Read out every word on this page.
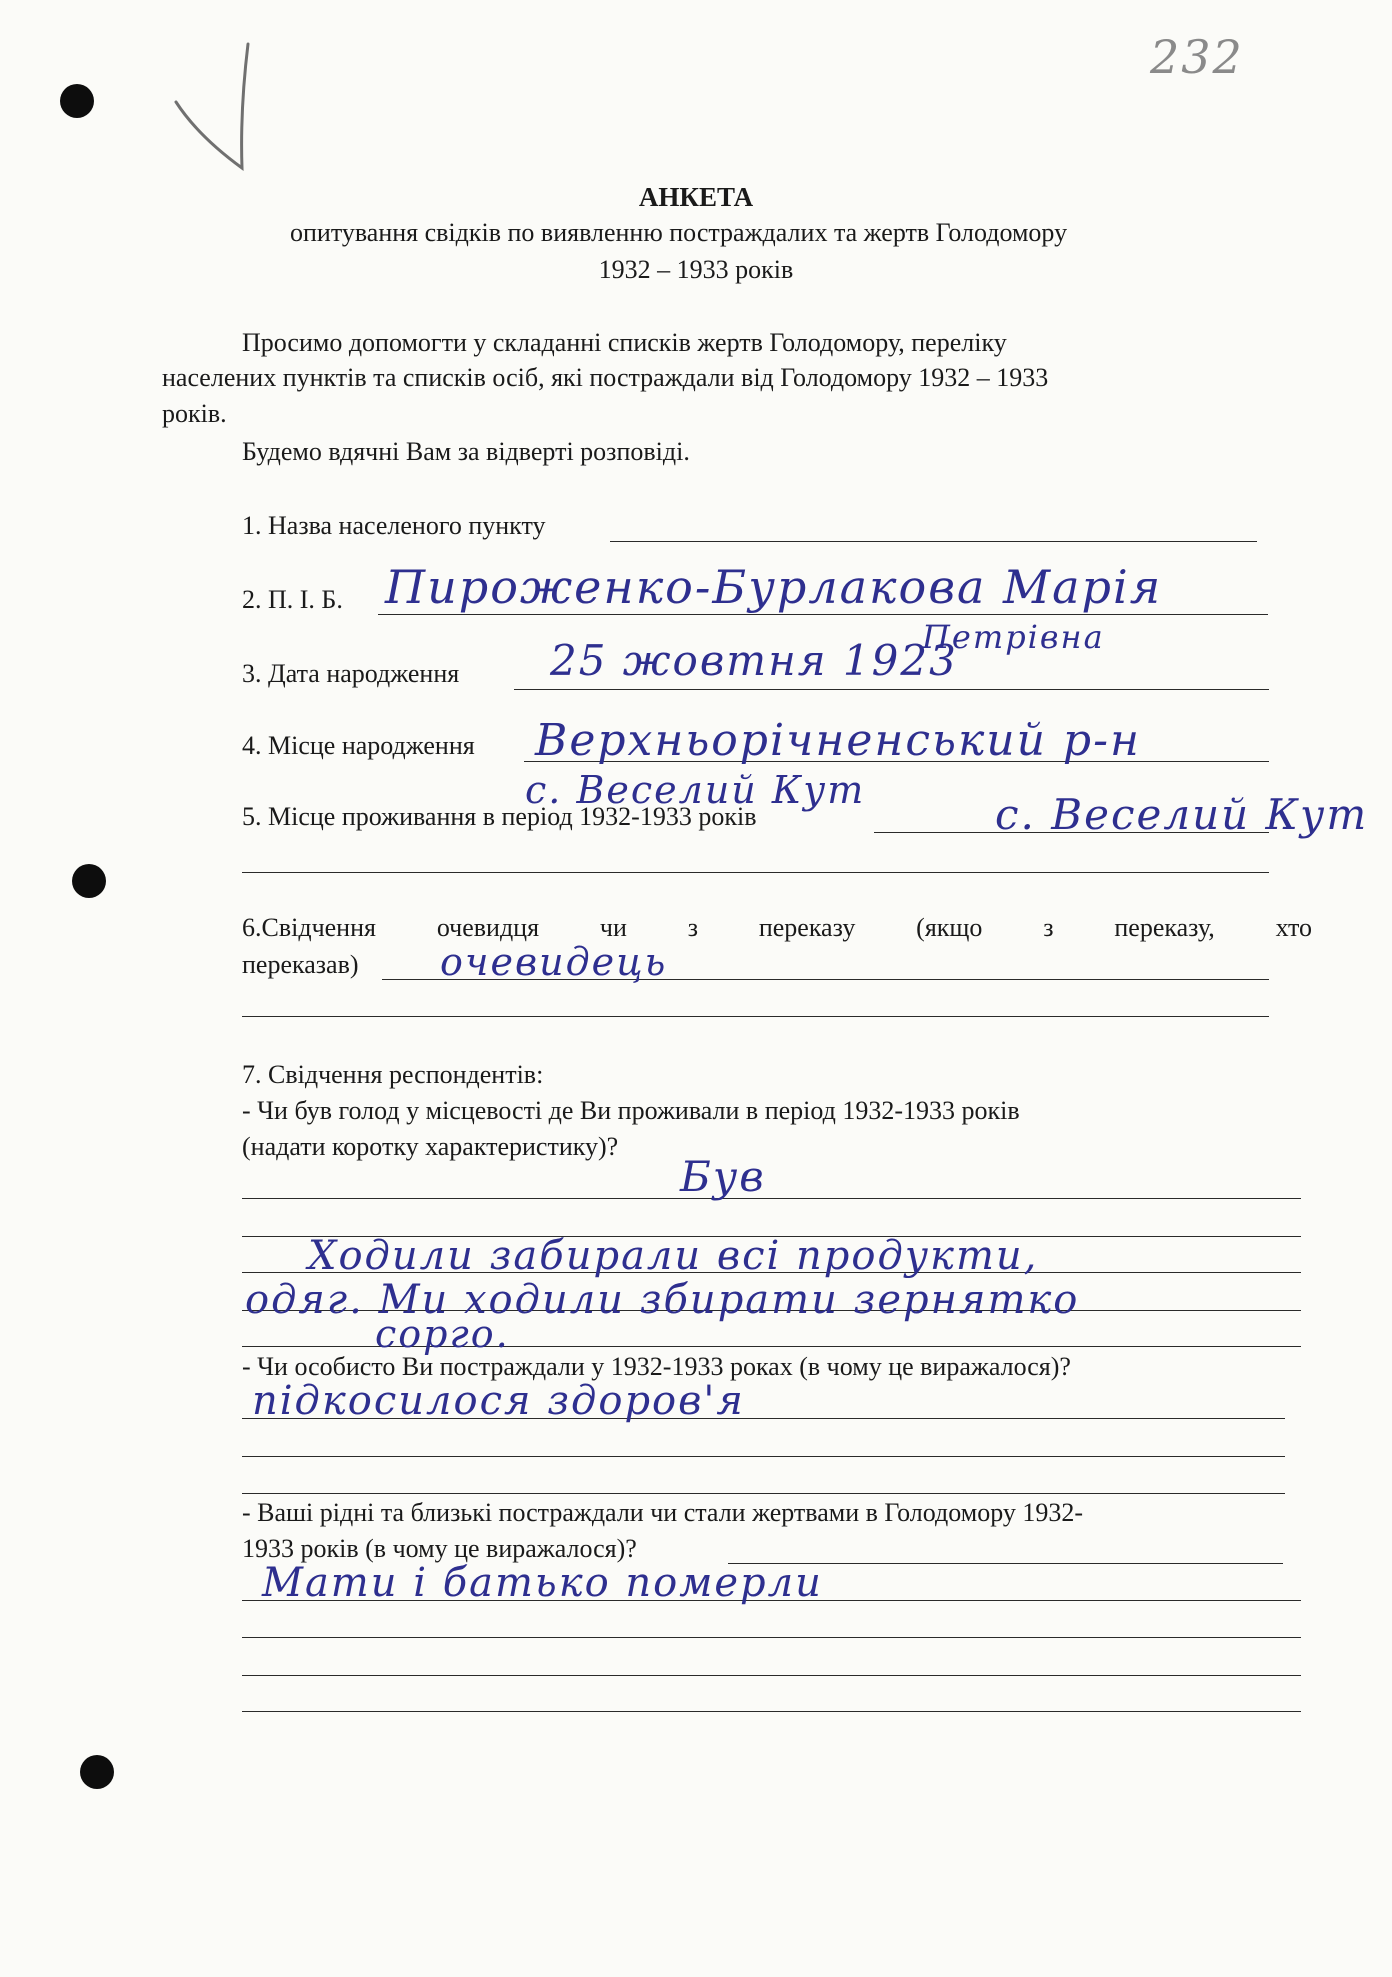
232
АНКЕТА
опитування свідків по виявленню постраждалих та жертв Голодомору
1932 – 1933 років
Просимо допомогти у складанні списків жертв Голодомору, переліку
населених пунктів та списків осіб, які постраждали від Голодомору 1932 – 1933
років.
Будемо вдячні Вам за відверті розповіді.
1. Назва населеного пункту
2. П. І. Б. Пироженко-Бурлакова Марія
Петрівна
3. Дата народження 25 жовтня 1923
4. Місце народження Верхньорічненський р-н
с. Веселий Кут
5. Місце проживання в період 1932-1933 років	с. Веселий Кут
6.Свідчення очевидця чи з переказу (якщо з переказу, хто
переказав) очевидець
7. Свідчення респондентів:
- Чи був голод у місцевості де Ви проживали в період 1932-1933 років
(надати коротку характеристику)?
Був
Ходили забирали всі продукти,
одяг. Ми ходили збирати зернятко
сорго.
- Чи особисто Ви постраждали у 1932-1933 роках (в чому це виражалося)?
підкосилося здоров'я
- Ваші рідні та близькі постраждали чи стали жертвами в Голодомору 1932-
1933 років (в чому це виражалося)?
Мати і батько померли
